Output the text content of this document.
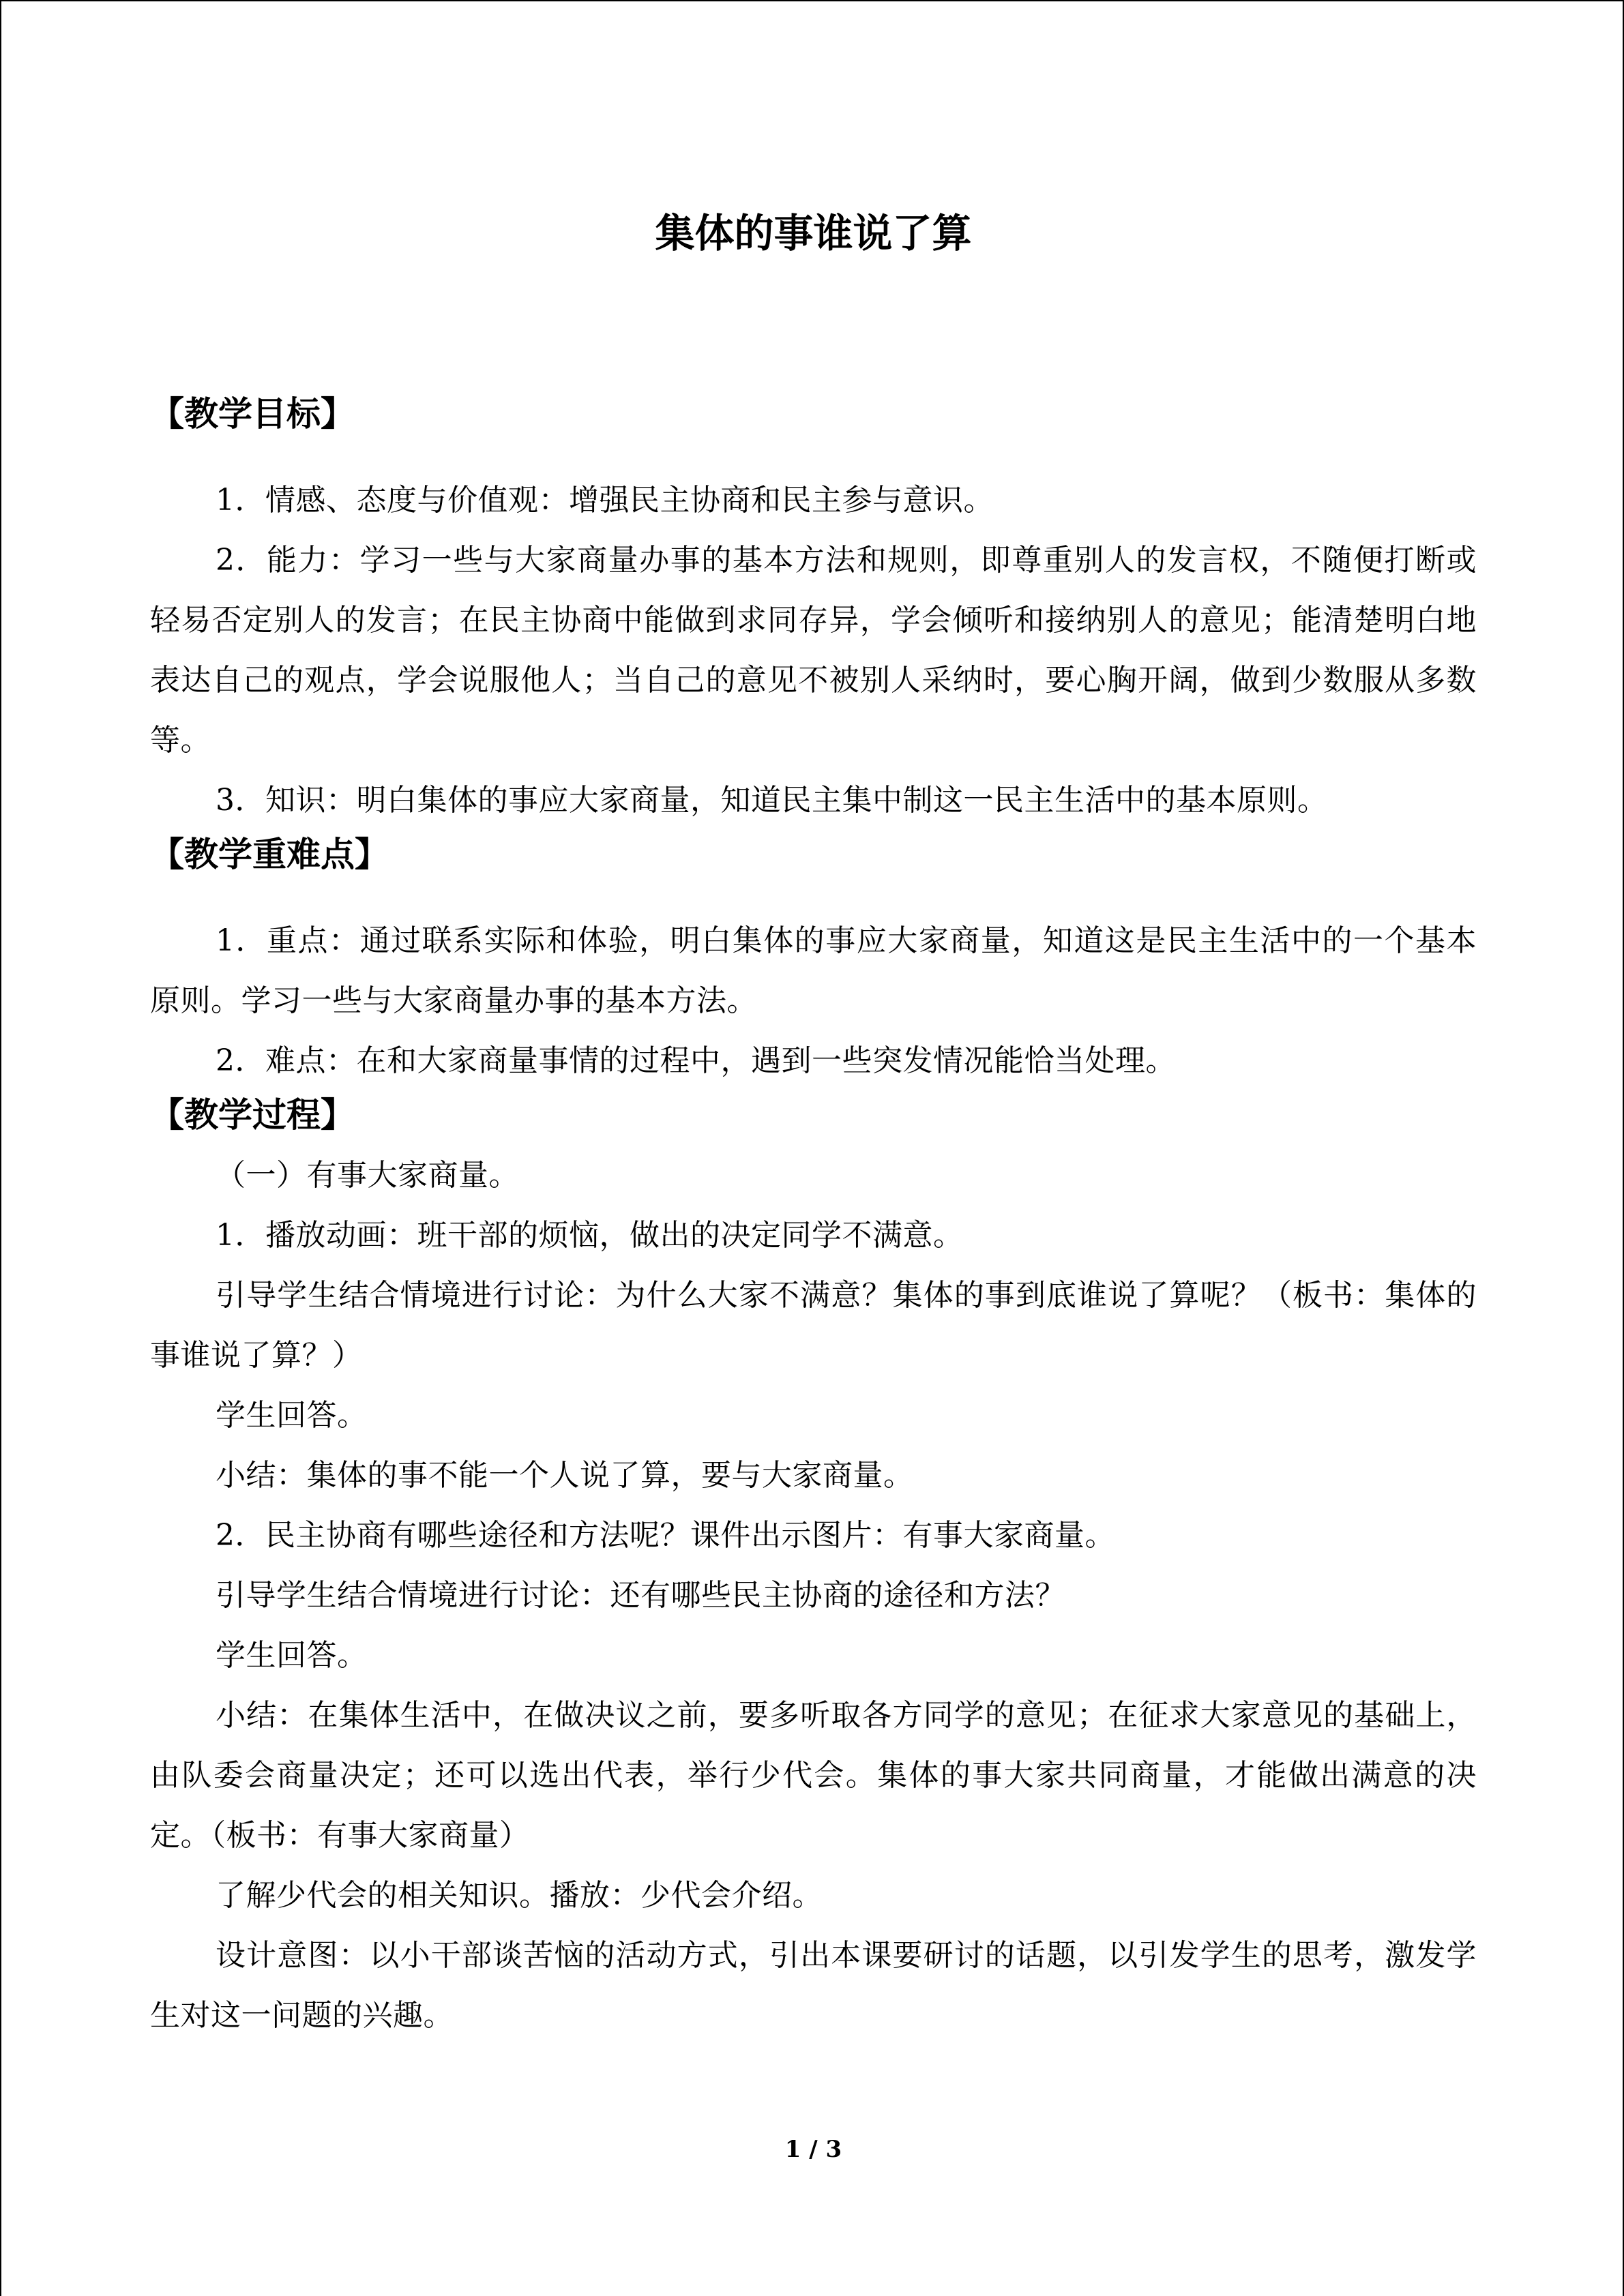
集体的事谁说了算
【教学目标】

1．情感、态度与价值观：增强民主协商和民主参与意识。

2．能力：学习一些与大家商量办事的基本方法和规则，即尊重别人的发言权，不随便打断或轻易否定别人的发言；在民主协商中能做到求同存异，学会倾听和接纳别人的意见；能清楚明白地表达自己的观点，学会说服他人；当自己的意见不被别人采纳时，要心胸开阔，做到少数服从多数等。

3．知识：明白集体的事应大家商量，知道民主集中制这一民主生活中的基本原则。

【教学重难点】

1．重点：通过联系实际和体验，明白集体的事应大家商量，知道这是民主生活中的一个基本原则。学习一些与大家商量办事的基本方法。

2．难点：在和大家商量事情的过程中，遇到一些突发情况能恰当处理。

【教学过程】

（一）有事大家商量。

1．播放动画：班干部的烦恼，做出的决定同学不满意。

引导学生结合情境进行讨论：为什么大家不满意？集体的事到底谁说了算呢？（板书：集体的事谁说了算？）

学生回答。

小结：集体的事不能一个人说了算，要与大家商量。

2．民主协商有哪些途径和方法呢？课件出示图片：有事大家商量。

引导学生结合情境进行讨论：还有哪些民主协商的途径和方法？

学生回答。

小结：在集体生活中，在做决议之前，要多听取各方同学的意见；在征求大家意见的基础上，由队委会商量决定；还可以选出代表，举行少代会。集体的事大家共同商量，才能做出满意的决定。（板书：有事大家商量）

了解少代会的相关知识。播放：少代会介绍。

设计意图：以小干部谈苦恼的活动方式，引出本课要研讨的话题，以引发学生的思考，激发学生对这一问题的兴趣。

1 / 3
